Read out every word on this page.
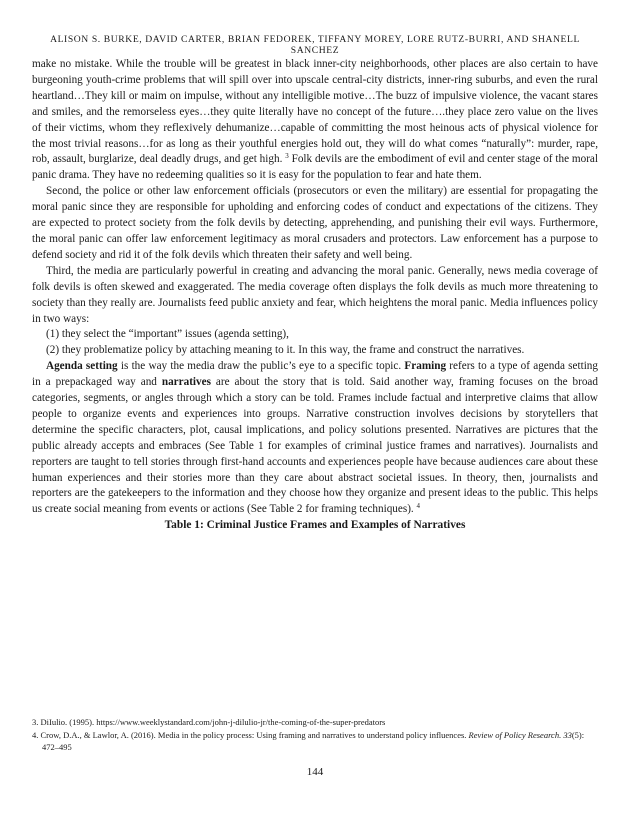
ALISON S. BURKE, DAVID CARTER, BRIAN FEDOREK, TIFFANY MOREY, LORE RUTZ-BURRI, AND SHANELL SANCHEZ

make no mistake. While the trouble will be greatest in black inner-city neighborhoods, other places are also certain to have burgeoning youth-crime problems that will spill over into upscale central-city districts, inner-ring suburbs, and even the rural heartland…They kill or maim on impulse, without any intelligible motive…The buzz of impulsive violence, the vacant stares and smiles, and the remorseless eyes…they quite literally have no concept of the future….they place zero value on the lives of their victims, whom they reflexively dehumanize…capable of committing the most heinous acts of physical violence for the most trivial reasons…for as long as their youthful energies hold out, they will do what comes “naturally”: murder, rape, rob, assault, burglarize, deal deadly drugs, and get high. $^3$ Folk devils are the embodiment of evil and center stage of the moral panic drama. They have no redeeming qualities so it is easy for the population to fear and hate them.

Second, the police or other law enforcement officials (prosecutors or even the military) are essential for propagating the moral panic since they are responsible for upholding and enforcing codes of conduct and expectations of the citizens. They are expected to protect society from the folk devils by detecting, apprehending, and punishing their evil ways. Furthermore, the moral panic can offer law enforcement legitimacy as moral crusaders and protectors. Law enforcement has a purpose to defend society and rid it of the folk devils which threaten their safety and well being.

Third, the media are particularly powerful in creating and advancing the moral panic. Generally, news media coverage of folk devils is often skewed and exaggerated. The media coverage often displays the folk devils as much more threatening to society than they really are. Journalists feed public anxiety and fear, which heightens the moral panic. Media influences policy in two ways:

(1) they select the “important” issues (agenda setting),

(2) they problematize policy by attaching meaning to it. In this way, the frame and construct the narratives.

Agenda setting is the way the media draw the public’s eye to a specific topic. Framing refers to a type of agenda setting in a prepackaged way and narratives are about the story that is told. Said another way, framing focuses on the broad categories, segments, or angles through which a story can be told. Frames include factual and interpretive claims that allow people to organize events and experiences into groups. Narrative construction involves decisions by storytellers that determine the specific characters, plot, causal implications, and policy solutions presented. Narratives are pictures that the public already accepts and embraces (See Table 1 for examples of criminal justice frames and narratives). Journalists and reporters are taught to tell stories through first-hand accounts and experiences people have because audiences care about these human experiences and their stories more than they care about abstract societal issues. In theory, then, journalists and reporters are the gatekeepers to the information and they choose how they organize and present ideas to the public. This helps us create social meaning from events or actions (See Table 2 for framing techniques). $^4$

Table 1: Criminal Justice Frames and Examples of Narratives

3. DiIulio. (1995). https://www.weeklystandard.com/john-j-dilulio-jr/the-coming-of-the-super-predators

4. Crow, D.A., & Lawlor, A. (2016). Media in the policy process: Using framing and narratives to understand policy influences. Review of Policy Research. 33(5): 472–495

144
